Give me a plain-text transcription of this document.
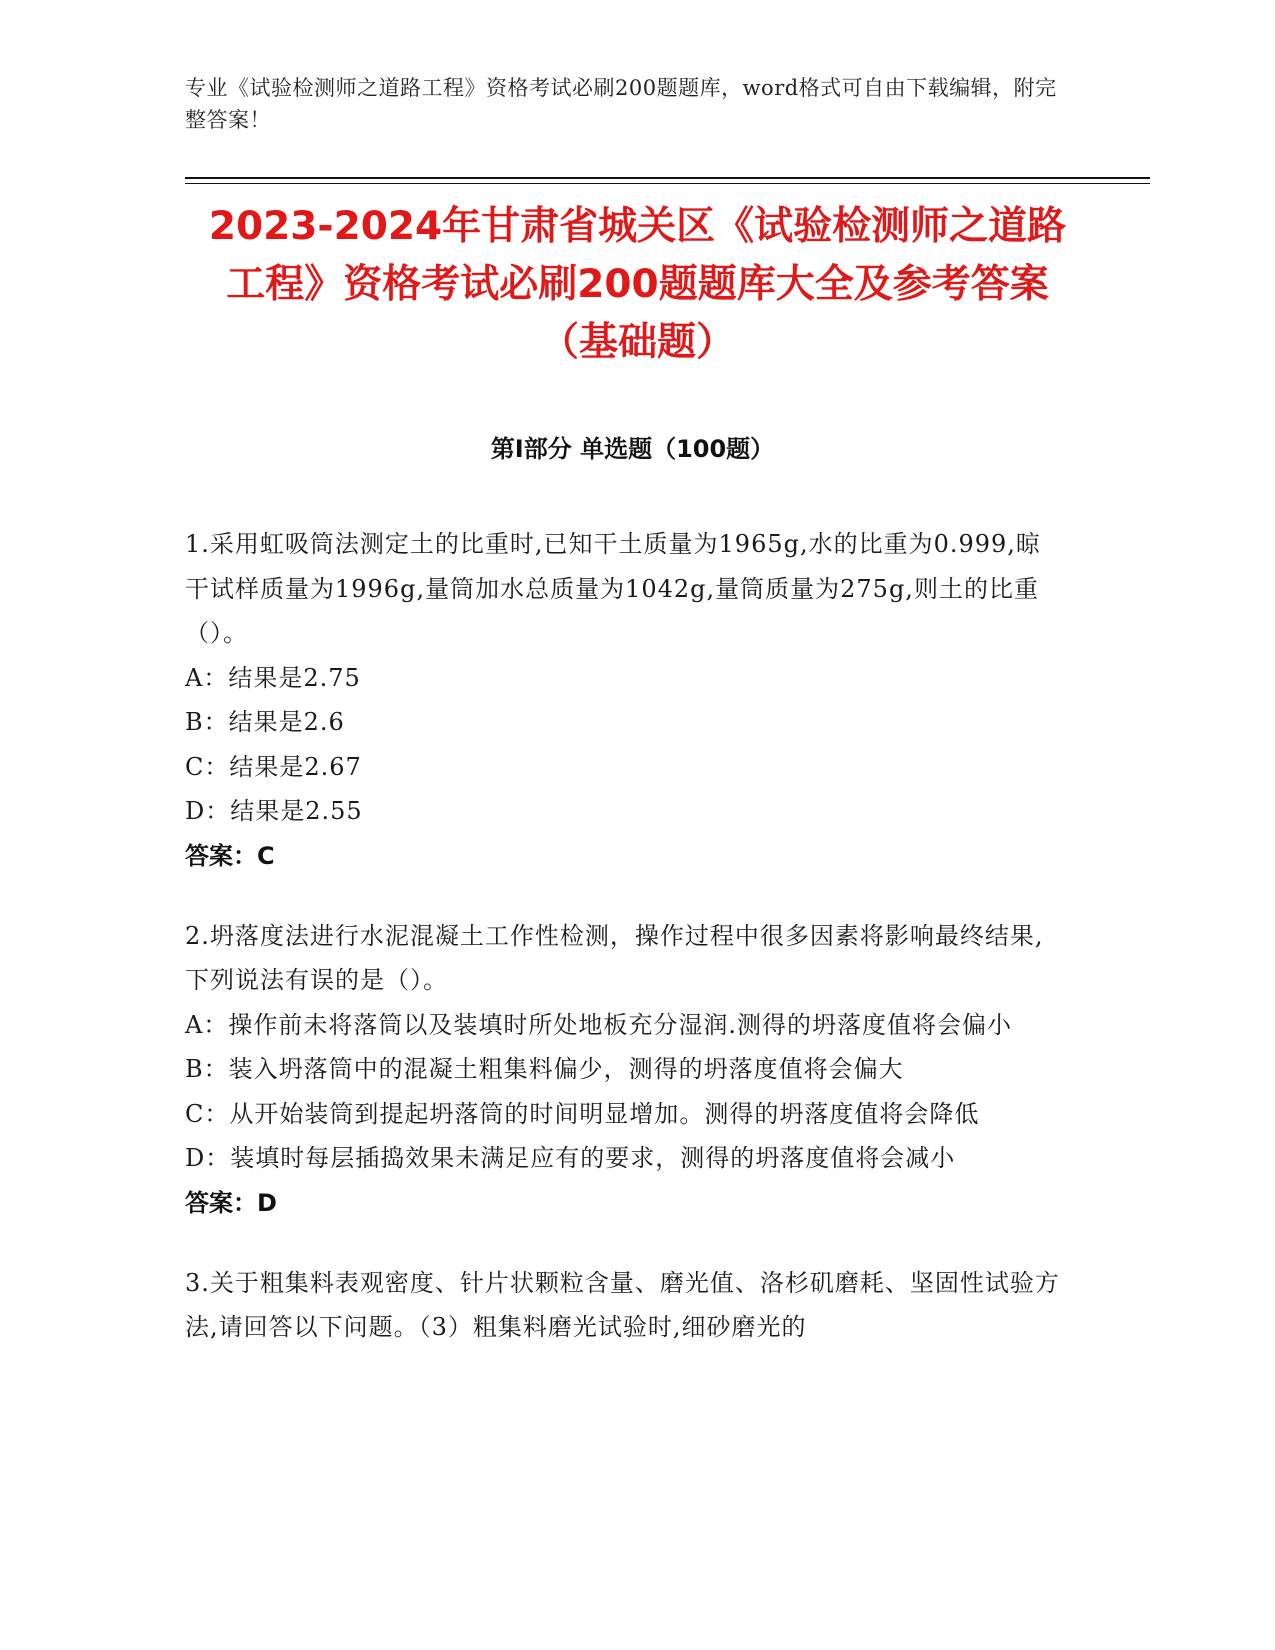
专业《试验检测师之道路工程》资格考试必刷200题题库，word格式可自由下载编辑，附完整答案！
2023-2024年甘肃省城关区《试验检测师之道路工程》资格考试必刷200题题库大全及参考答案（基础题）
第Ⅰ部分 单选题（100题）
1.采用虹吸筒法测定土的比重时,已知干土质量为1965g,水的比重为0.999,晾干试样质量为1996g,量筒加水总质量为1042g,量筒质量为275g,则土的比重（）。
A：结果是2.75
B：结果是2.6
C：结果是2.67
D：结果是2.55
答案：C
2.坍落度法进行水泥混凝土工作性检测，操作过程中很多因素将影响最终结果,下列说法有误的是（）。
A：操作前未将落筒以及装填时所处地板充分湿润.测得的坍落度值将会偏小
B：装入坍落筒中的混凝土粗集料偏少，测得的坍落度值将会偏大
C：从开始装筒到提起坍落筒的时间明显增加。测得的坍落度值将会降低
D：装填时每层插捣效果未满足应有的要求，测得的坍落度值将会减小
答案：D
3.关于粗集料表观密度、针片状颗粒含量、磨光值、洛杉矶磨耗、坚固性试验方法,请回答以下问题。（3）粗集料磨光试验时,细砂磨光的
